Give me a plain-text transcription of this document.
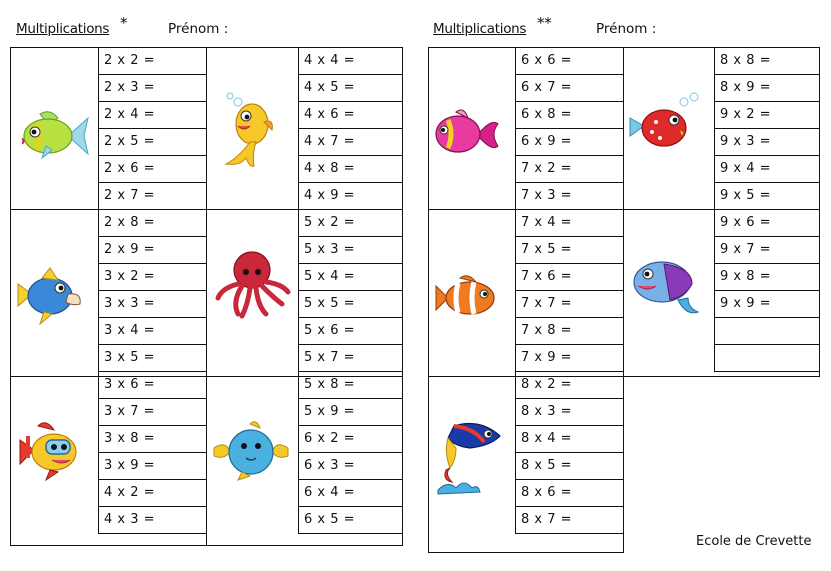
Multiplications *	Prénom :	Multiplications **	Prénom :
2 x 2 =
2 x 3 =
2 x 4 =
2 x 5 =
2 x 6 =
2 x 7 =
2 x 8 =
2 x 9 =
3 x 2 =
3 x 3 =
3 x 4 =
3 x 5 =
3 x 6 =
3 x 7 =
3 x 8 =
3 x 9 =
4 x 2 =
4 x 3 =
4 x 4 =
4 x 5 =
4 x 6 =
4 x 7 =
4 x 8 =
4 x 9 =
5 x 2 =
5 x 3 =
5 x 4 =
5 x 5 =
5 x 6 =
5 x 7 =
5 x 8 =
5 x 9 =
6 x 2 =
6 x 3 =
6 x 4 =
6 x 5 =
6 x 6 =
6 x 7 =
6 x 8 =
6 x 9 =
7 x 2 =
7 x 3 =
7 x 4 =
7 x 5 =
7 x 6 =
7 x 7 =
7 x 8 =
7 x 9 =
8 x 2 =
8 x 3 =
8 x 4 =
8 x 5 =
8 x 6 =
8 x 7 =
8 x 8 =
8 x 9 =
9 x 2 =
9 x 3 =
9 x 4 =
9 x 5 =
9 x 6 =
9 x 7 =
9 x 8 =
9 x 9 =
Ecole de Crevette
